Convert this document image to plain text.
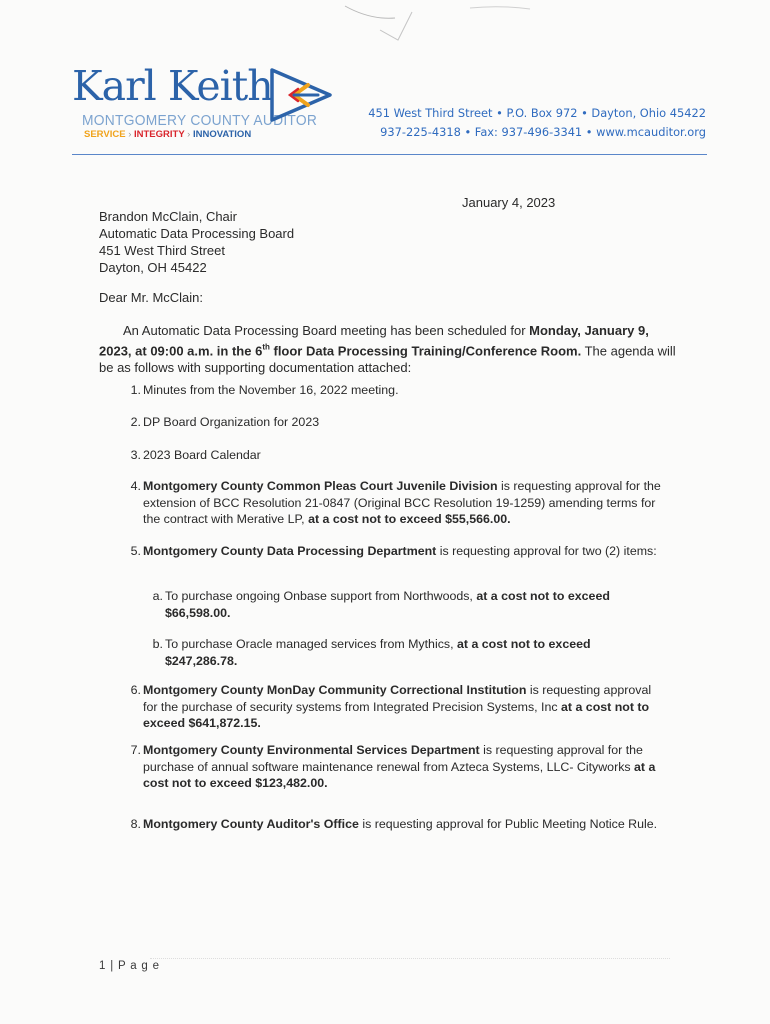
Karl Keith
MONTGOMERY COUNTY AUDITOR
SERVICE › INTEGRITY › INNOVATION
451 West Third Street • P.O. Box 972 • Dayton, Ohio 45422
937-225-4318 • Fax: 937-496-3341 • www.mcauditor.org
January 4, 2023
Brandon McClain, Chair
Automatic Data Processing Board
451 West Third Street
Dayton, OH 45422
Dear Mr. McClain:

An Automatic Data Processing Board meeting has been scheduled for Monday, January 9, 2023, at 09:00 a.m. in the 6th floor Data Processing Training/Conference Room. The agenda will be as follows with supporting documentation attached:

1. Minutes from the November 16, 2022 meeting.
2. DP Board Organization for 2023
3. 2023 Board Calendar
4. Montgomery County Common Pleas Court Juvenile Division is requesting approval for the extension of BCC Resolution 21-0847 (Original BCC Resolution 19-1259) amending terms for the contract with Merative LP, at a cost not to exceed $55,566.00.
5. Montgomery County Data Processing Department is requesting approval for two (2) items:
a. To purchase ongoing Onbase support from Northwoods, at a cost not to exceed $66,598.00.
b. To purchase Oracle managed services from Mythics, at a cost not to exceed $247,286.78.
6. Montgomery County MonDay Community Correctional Institution is requesting approval for the purchase of security systems from Integrated Precision Systems, Inc at a cost not to exceed $641,872.15.
7. Montgomery County Environmental Services Department is requesting approval for the purchase of annual software maintenance renewal from Azteca Systems, LLC- Cityworks at a cost not to exceed $123,482.00.
8. Montgomery County Auditor's Office is requesting approval for Public Meeting Notice Rule.
1 | P a g e
